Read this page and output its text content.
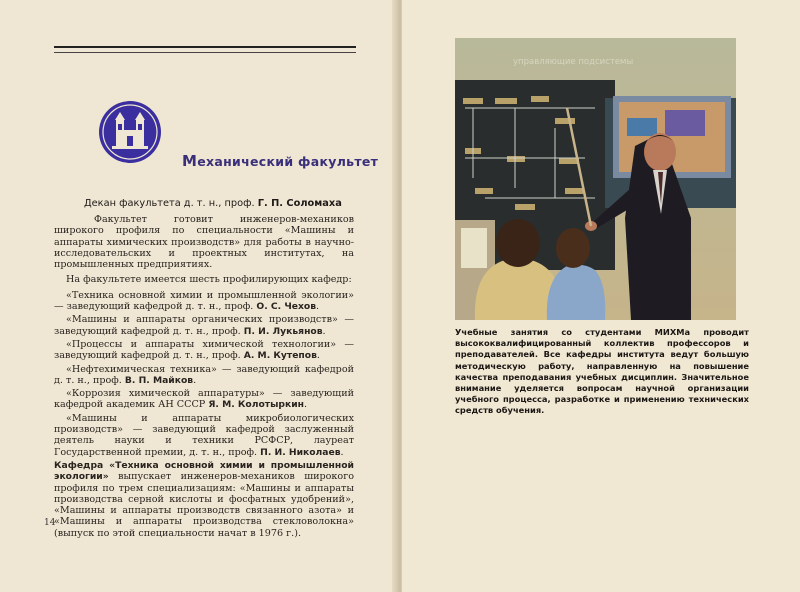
Механический факультет
Декан факультета д. т. н., проф. Г. П. Соломаха

Факультет готовит инженеров-механиков широкого профиля по специальности «Машины и аппараты химических производств» для работы в научно-исследовательских и проектных институтах, на промышленных предприятиях.

На факультете имеется шесть профилирующих кафедр:

«Техника основной химии и промышленной экологии» — заведующий кафедрой д. т. н., проф. О. С. Чехов.

«Машины и аппараты органических производств» — заведующий кафедрой д. т. н., проф. П. И. Лукьянов.

«Процессы и аппараты химической технологии» — заведующий кафедрой д. т. н., проф. А. М. Кутепов.

«Нефтехимическая техника» — заведующий кафедрой д. т. н., проф. В. П. Майков.

«Коррозия химической аппаратуры» — заведующий кафедрой академик АН СССР Я. М. Колотыркин.

«Машины и аппараты микробиологических производств» — заведующий кафедрой заслуженный деятель науки и техники РСФСР, лауреат Государственной премии, д. т. н., проф. П. И. Николаев.

Кафедра «Техника основной химии и промышленной экологии» выпускает инженеров-механиков широкого профиля по трем специализациям: «Машины и аппараты производства серной кислоты и фосфатных удобрений», «Машины и аппараты производств связанного азота» и «Машины и аппараты производства стекловолокна» (выпуск по этой специальности начат в 1976 г.).

14
управляющие подсистемы
Учебные занятия со студентами МИХМа проводит высококвалифицированный коллектив профессоров и преподавателей. Все кафедры института ведут большую методическую работу, направленную на повышение качества преподавания учебных дисциплин. Значительное внимание уделяется вопросам научной организации учебного процесса, разработке и применению технических средств обучения.
